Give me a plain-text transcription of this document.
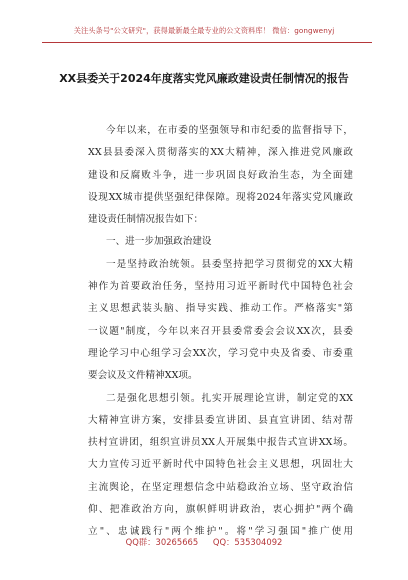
关注头条号"公文研究"，获得最新最全最专业的公文资料库！ 微信：gongwenyj
XX县委关于2024年度落实党风廉政建设责任制情况的报告
今年以来，在市委的坚强领导和市纪委的监督指导下，
XX县县委深入贯彻落实的XX大精神，深入推进党风廉政
建设和反腐败斗争，进一步巩固良好政治生态，为全面建
设现XX城市提供坚强纪律保障。现将2024年落实党风廉政
建设责任制情况报告如下：
一、进一步加强政治建设
一是坚持政治统领。县委坚持把学习贯彻党的XX大精
神作为首要政治任务，坚持用习近平新时代中国特色社会
主义思想武装头脑、指导实践、推动工作。严格落实"第
一议题"制度，今年以来召开县委常委会会议XX次，县委
理论学习中心组学习会XX次，学习党中央及省委、市委重
要会议及文件精神XX项。
二是强化思想引领。扎实开展理论宣讲，制定党的XX
大精神宣讲方案，安排县委宣讲团、县直宣讲团、结对帮
扶村宣讲团，组织宣讲员XX人开展集中报告式宣讲XX场。
大力宣传习近平新时代中国特色社会主义思想，巩固壮大
主流舆论，在坚定理想信念中站稳政治立场、坚守政治信
仰、把准政治方向，旗帜鲜明讲政治，衷心拥护"两个确
立"、忠诚践行"两个维护"。将"学习强国"推广使用
QQ群：30265665 QQ：535304092
